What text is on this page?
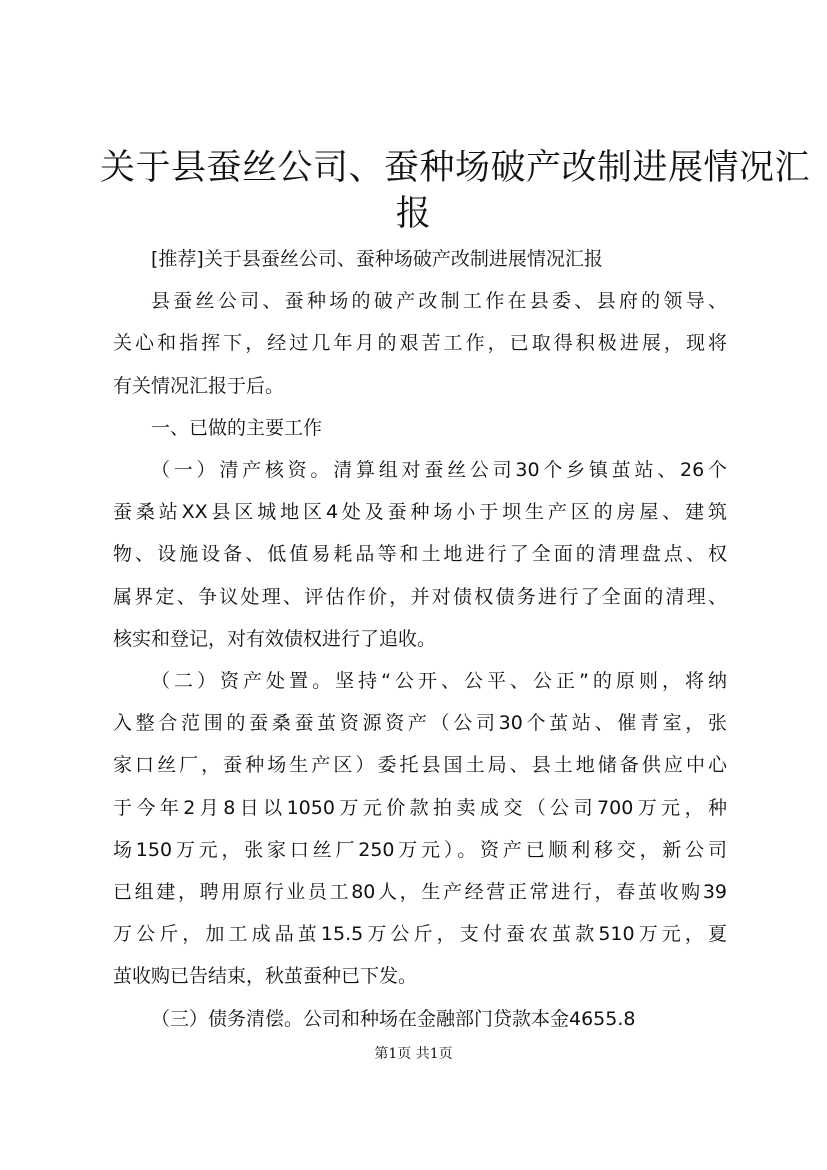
关于县蚕丝公司、蚕种场破产改制进展情况汇
报
[推荐]关于县蚕丝公司、蚕种场破产改制进展情况汇报
县蚕丝公司、蚕种场的破产改制工作在县委、县府的领导、
关心和指挥下，经过几年月的艰苦工作，已取得积极进展，现将
有关情况汇报于后。
一、已做的主要工作
（一）清产核资。清算组对蚕丝公司30个乡镇茧站、26个
蚕桑站XX县区城地区4处及蚕种场小于坝生产区的房屋、建筑
物、设施设备、低值易耗品等和土地进行了全面的清理盘点、权
属界定、争议处理、评估作价，并对债权债务进行了全面的清理、
核实和登记，对有效债权进行了追收。
（二）资产处置。坚持“公开、公平、公正”的原则，将纳
入整合范围的蚕桑蚕茧资源资产（公司30个茧站、催青室，张
家口丝厂，蚕种场生产区）委托县国土局、县土地储备供应中心
于今年2月8日以1050万元价款拍卖成交（公司700万元，种
场150万元，张家口丝厂250万元）。资产已顺利移交，新公司
已组建，聘用原行业员工80人，生产经营正常进行，春茧收购39
万公斤，加工成品茧15.5万公斤，支付蚕农茧款510万元，夏
茧收购已告结束，秋茧蚕种已下发。
（三）债务清偿。公司和种场在金融部门贷款本金4655.8
第1页 共1页
